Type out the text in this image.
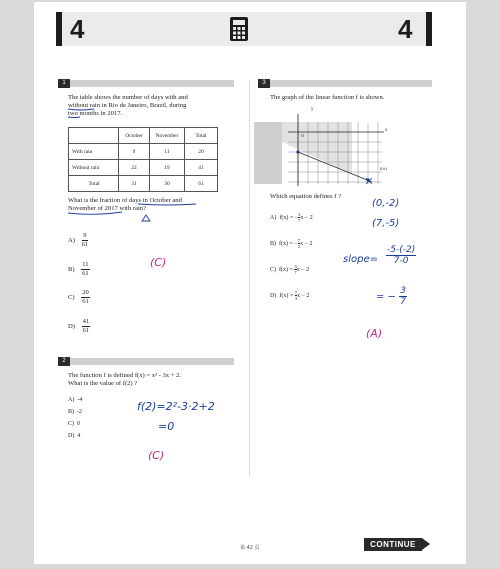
4	4
1
The table shows the number of days with and
without rain in Rio de Janeiro, Brazil, during
two months in 2017.
	October	November	Total
With rain	9	11	20
Without rain	22	19	41
Total	31	30	61
What is the fraction of days in October and
November of 2017 with rain?
$A) \frac{9}{61}$
$B) \frac{11}{61}$
$C) \frac{20}{61}$
$D) \frac{41}{61}$
(C)
2
The function f is defined f(x) = x² - 3x + 2.
What is the value of f(2) ?
A) -4
B) -2
C) 0
D) 4
f(2)=2²-3·2+2
=0
(C)
3
The graph of the linear function f is shown.
y
x
O
f(x)
Which equation defines f ?
A) f(x) = − $\frac{3}{7}x - 2$
B) f(x) = − $\frac{7}{3}x - 2$
C) $f(x) = \frac{3}{7}x - 2$
D) $f(x) = \frac{7}{3}x - 2$
(0,-2)
(7,-5)
slope=
-5-(-2)
7-0
= − $\frac{3}{7}$
(A)
第 42 页	CONTINUE
